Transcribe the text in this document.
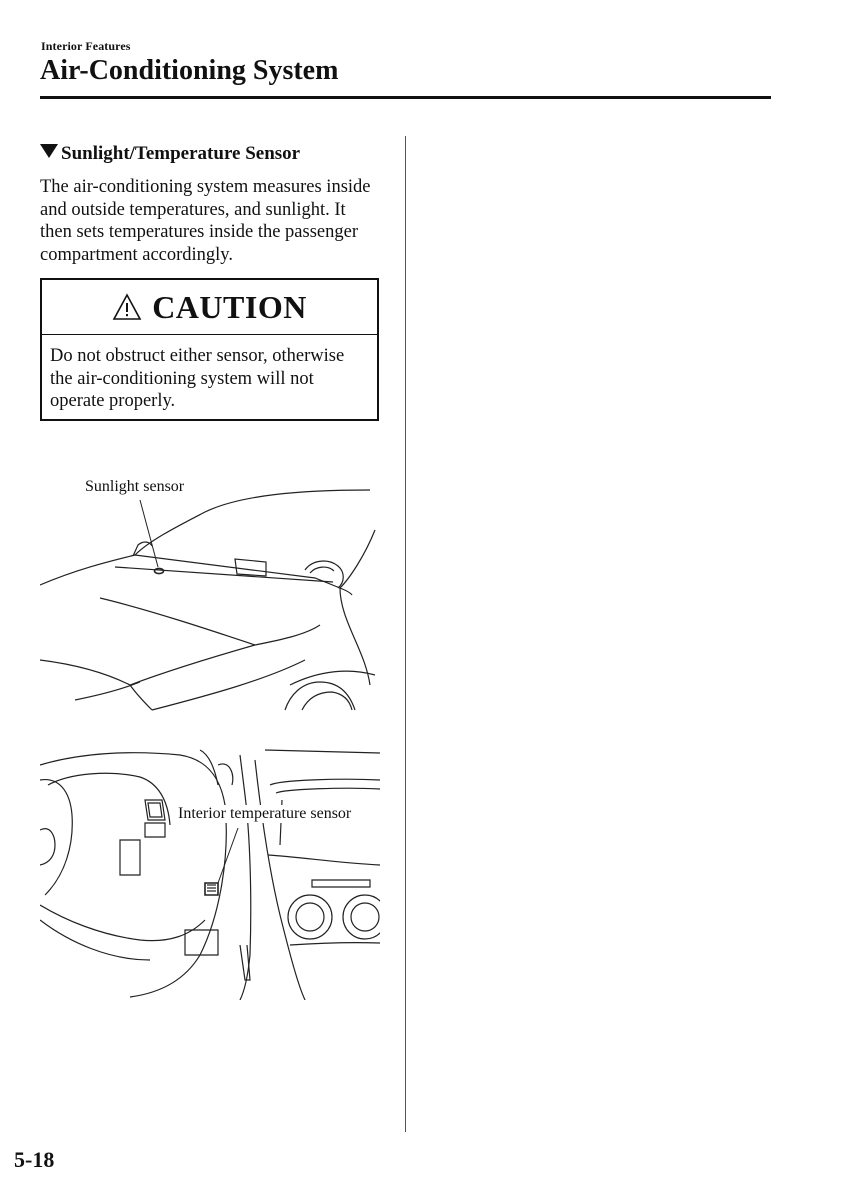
Interior Features
Air-Conditioning System
Sunlight/Temperature Sensor

The air-conditioning system measures inside and outside temperatures, and sunlight. It then sets temperatures inside the passenger compartment accordingly.

CAUTION

Do not obstruct either sensor, otherwise the air-conditioning system will not operate properly.

Sunlight sensor
Interior temperature sensor
5-18
